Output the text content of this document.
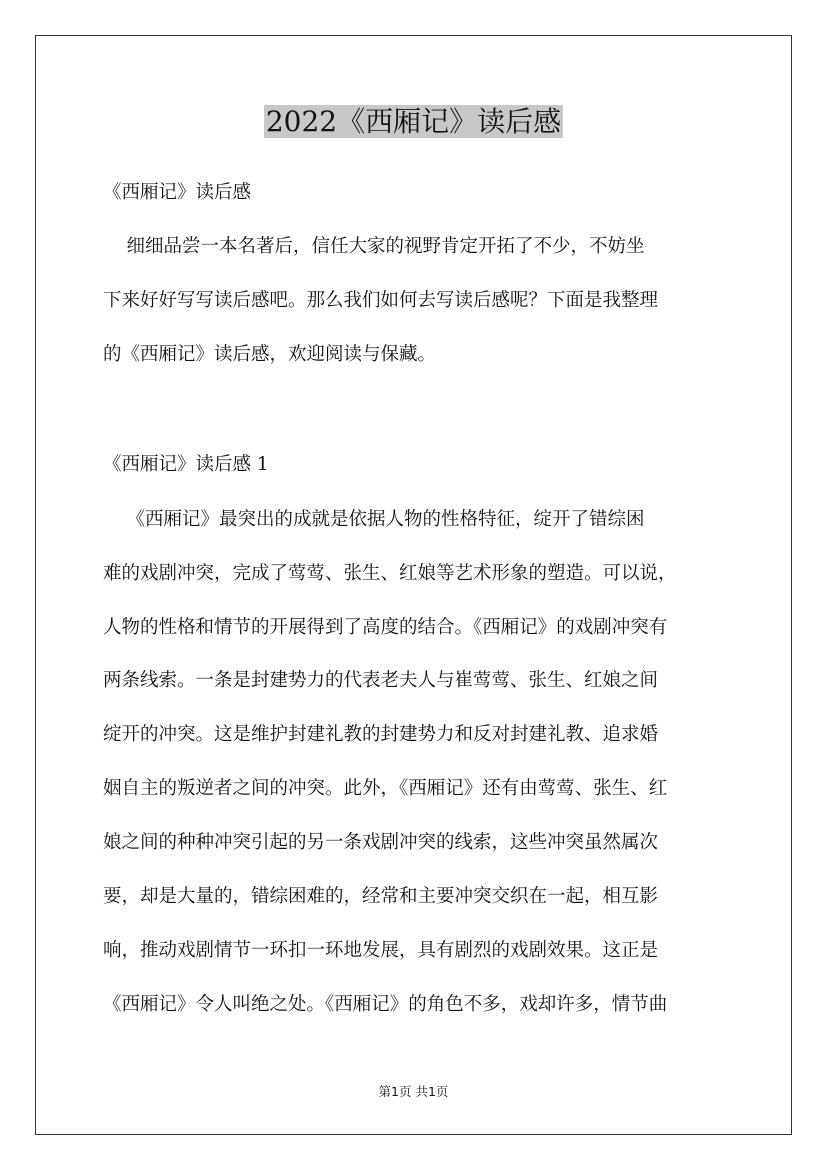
2022《西厢记》读后感
《西厢记》读后感
细细品尝一本名著后，信任大家的视野肯定开拓了不少，不妨坐
下来好好写写读后感吧。那么我们如何去写读后感呢？下面是我整理
的《西厢记》读后感，欢迎阅读与保藏。
《西厢记》读后感 1
《西厢记》最突出的成就是依据人物的性格特征，绽开了错综困
难的戏剧冲突，完成了莺莺、张生、红娘等艺术形象的塑造。可以说，
人物的性格和情节的开展得到了高度的结合。《西厢记》的戏剧冲突有
两条线索。一条是封建势力的代表老夫人与崔莺莺、张生、红娘之间
绽开的冲突。这是维护封建礼教的封建势力和反对封建礼教、追求婚
姻自主的叛逆者之间的冲突。此外，《西厢记》还有由莺莺、张生、红
娘之间的种种冲突引起的另一条戏剧冲突的线索，这些冲突虽然属次
要，却是大量的，错综困难的，经常和主要冲突交织在一起，相互影
响，推动戏剧情节一环扣一环地发展，具有剧烈的戏剧效果。这正是
《西厢记》令人叫绝之处。《西厢记》的角色不多，戏却许多，情节曲
第1页 共1页
